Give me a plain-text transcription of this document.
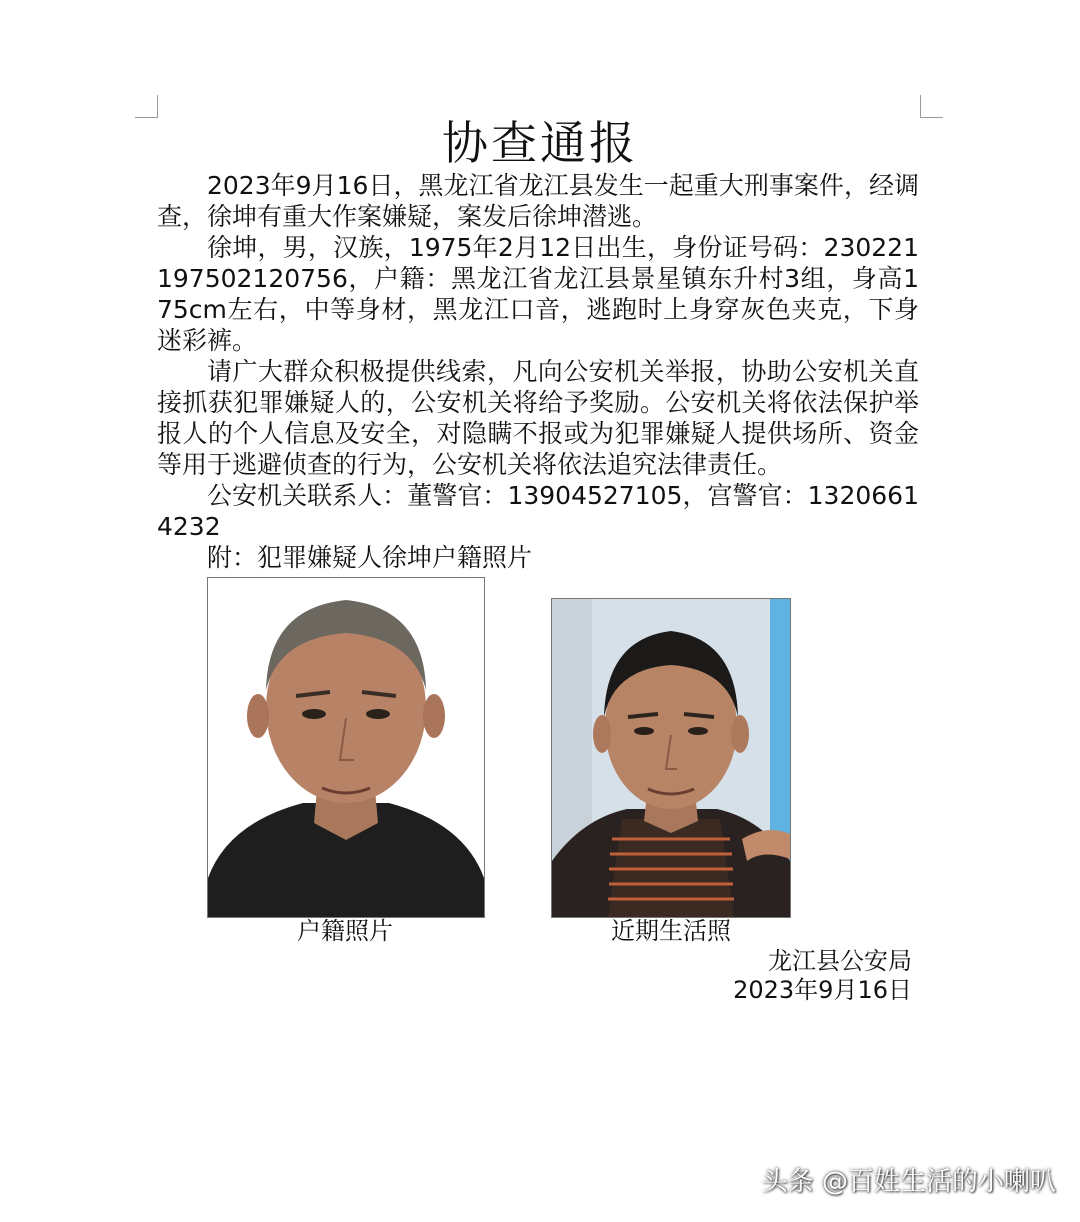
协查通报

2023年9月16日，黑龙江省龙江县发生一起重大刑事案件，经调查，徐坤有重大作案嫌疑，案发后徐坤潜逃。

徐坤，男，汉族，1975年2月12日出生，身份证号码：230221197502120756，户籍：黑龙江省龙江县景星镇东升村3组，身高175cm左右，中等身材，黑龙江口音，逃跑时上身穿灰色夹克，下身迷彩裤。

请广大群众积极提供线索，凡向公安机关举报，协助公安机关直接抓获犯罪嫌疑人的，公安机关将给予奖励。公安机关将依法保护举报人的个人信息及安全，对隐瞒不报或为犯罪嫌疑人提供场所、资金等用于逃避侦查的行为，公安机关将依法追究法律责任。

公安机关联系人：董警官：13904527105，宫警官：13206614232

附：犯罪嫌疑人徐坤户籍照片

户籍照片	近期生活照
龙江县公安局
2023年9月16日
头条 @百姓生活的小喇叭
